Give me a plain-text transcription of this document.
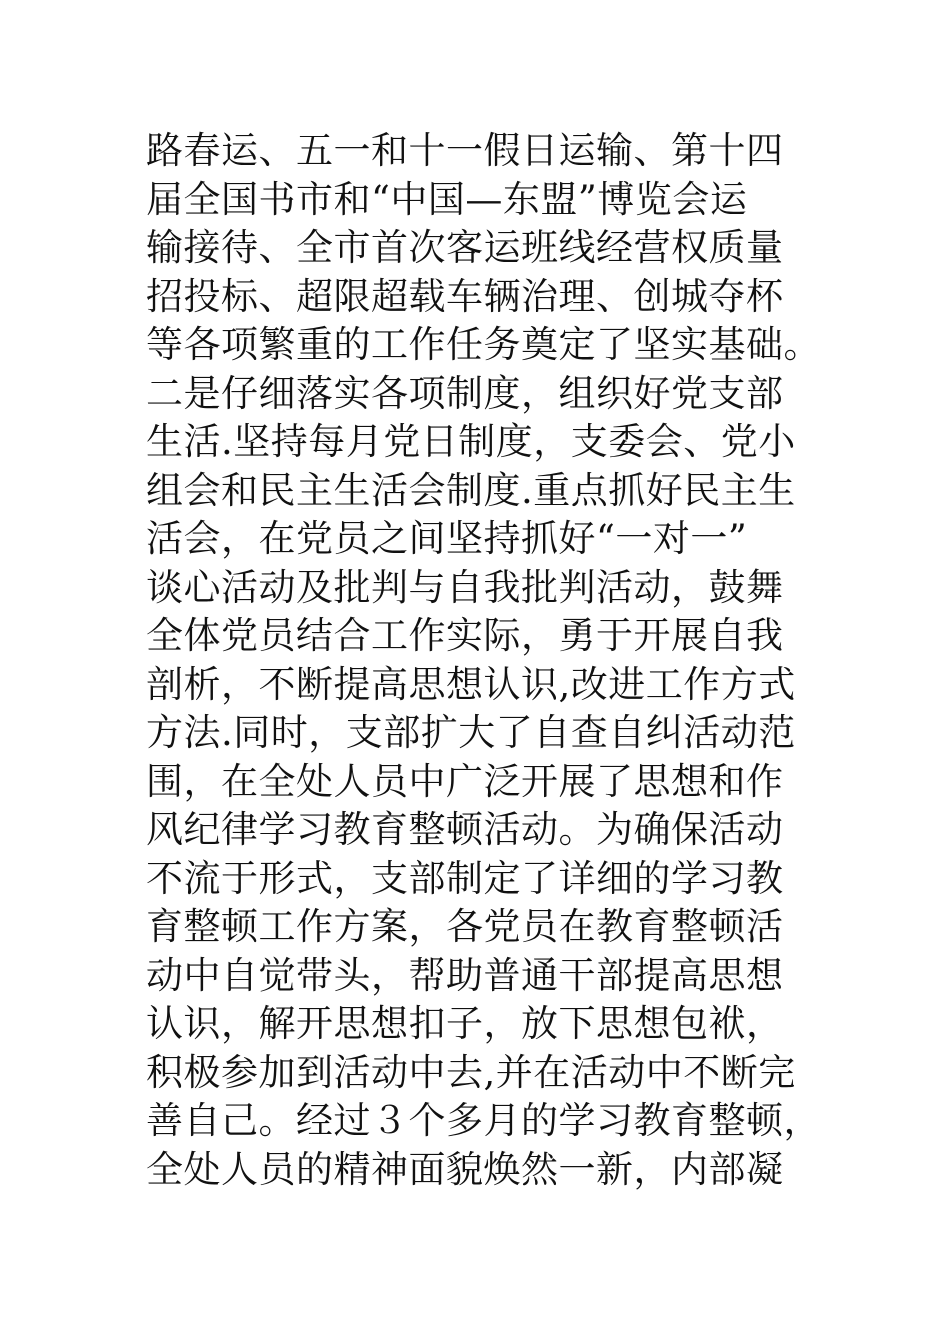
路春运、五一和十一假日运输、第十四
届全国书市和“中国—东盟”博览会运
输接待、全市首次客运班线经营权质量
招投标、超限超载车辆治理、创城夺杯
等各项繁重的工作任务奠定了坚实基础。
二是仔细落实各项制度，组织好党支部
生活.坚持每月党日制度，支委会、党小
组会和民主生活会制度.重点抓好民主生
活会，在党员之间坚持抓好“一对一”
谈心活动及批判与自我批判活动，鼓舞
全体党员结合工作实际，勇于开展自我
剖析，不断提高思想认识,改进工作方式
方法.同时，支部扩大了自查自纠活动范
围，在全处人员中广泛开展了思想和作
风纪律学习教育整顿活动。为确保活动
不流于形式，支部制定了详细的学习教
育整顿工作方案，各党员在教育整顿活
动中自觉带头，帮助普通干部提高思想
认识，解开思想扣子，放下思想包袱，
积极参加到活动中去,并在活动中不断完
善自己。经过３个多月的学习教育整顿，
全处人员的精神面貌焕然一新，内部凝
